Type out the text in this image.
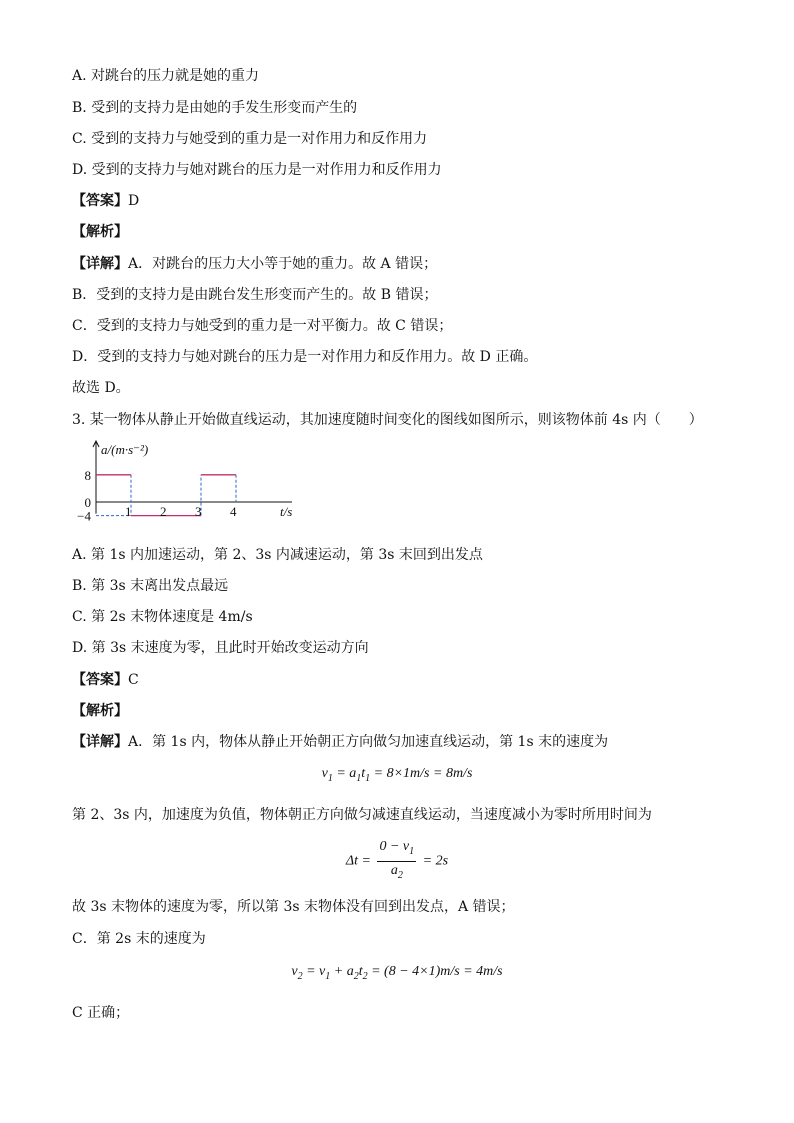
A. 对跳台的压力就是她的重力
B. 受到的支持力是由她的手发生形变而产生的
C. 受到的支持力与她受到的重力是一对作用力和反作用力
D. 受到的支持力与她对跳台的压力是一对作用力和反作用力
【答案】D
【解析】
【详解】A．对跳台的压力大小等于她的重力。故 A 错误；
B．受到的支持力是由跳台发生形变而产生的。故 B 错误；
C．受到的支持力与她受到的重力是一对平衡力。故 C 错误；
D．受到的支持力与她对跳台的压力是一对作用力和反作用力。故 D 正确。
故选 D。
3. 某一物体从静止开始做直线运动，其加速度随时间变化的图线如图所示，则该物体前 4s 内（　　）
1 2 3 4
8
0
−4
a/(m·s⁻²)
t/s
A. 第 1s 内加速运动，第 2、3s 内减速运动，第 3s 末回到出发点
B. 第 3s 末离出发点最远
C. 第 2s 末物体速度是 4m/s
D. 第 3s 末速度为零，且此时开始改变运动方向
【答案】C
【解析】
【详解】A．第 1s 内，物体从静止开始朝正方向做匀加速直线运动，第 1s 末的速度为
$v_1 = a_1t_1 = 8\times 1m/s = 8m/s$
第 2、3s 内，加速度为负值，物体朝正方向做匀减速直线运动，当速度减小为零时所用时间为
$\Delta t = \frac{0 - v_1}{a_2} = 2s$
故 3s 末物体的速度为零，所以第 3s 末物体没有回到出发点，A 错误；
C．第 2s 末的速度为
$v_2 = v_1 + a_2t_2 = (8 - 4\times 1)m/s = 4m/s$
C 正确；
